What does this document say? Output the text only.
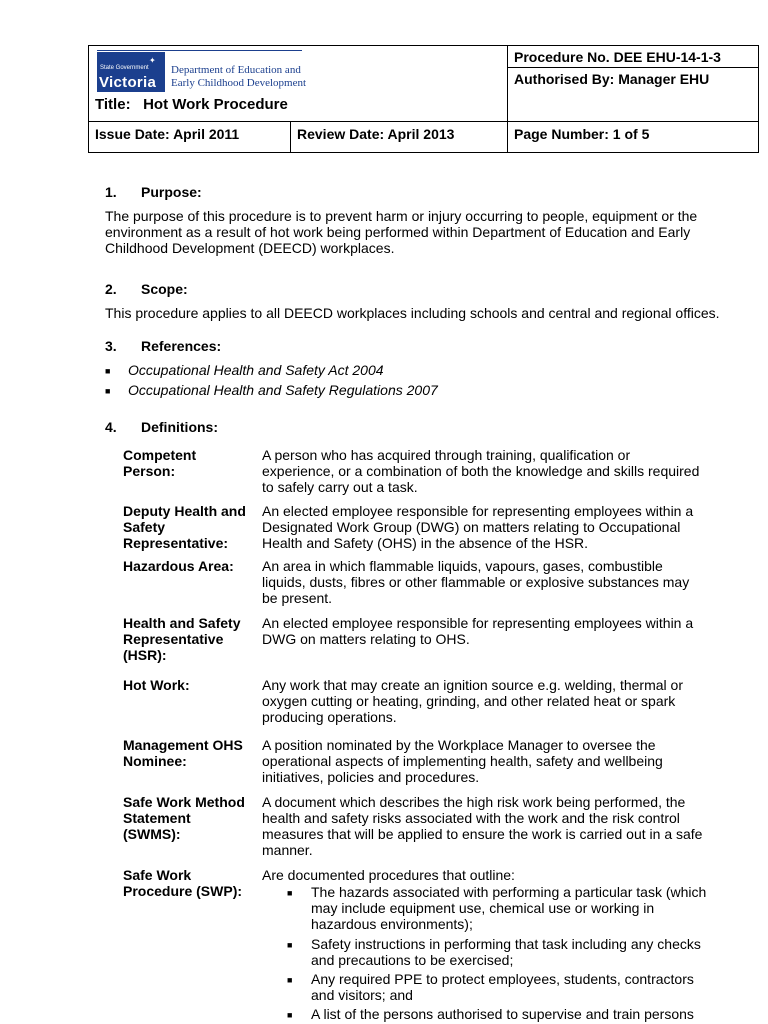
✦
State Government
Victoria
Department of Education and
Early Childhood Development
Title: Hot Work Procedure
Procedure No. DEE EHU-14-1-3
Authorised By: Manager EHU
Issue Date: April 2011	Review Date: April 2013	Page Number: 1 of 5
1. Purpose:
The purpose of this procedure is to prevent harm or injury occurring to people, equipment or the
environment as a result of hot work being performed within Department of Education and Early
Childhood Development (DEECD) workplaces.
2. Scope:
This procedure applies to all DEECD workplaces including schools and central and regional offices.
3. References:
■ Occupational Health and Safety Act 2004
■ Occupational Health and Safety Regulations 2007
4. Definitions:
Competent
Person:
A person who has acquired through training, qualification or
experience, or a combination of both the knowledge and skills required
to safely carry out a task.
Deputy Health and
Safety
Representative:
An elected employee responsible for representing employees within a
Designated Work Group (DWG) on matters relating to Occupational
Health and Safety (OHS) in the absence of the HSR.
Hazardous Area:	An area in which flammable liquids, vapours, gases, combustible
liquids, dusts, fibres or other flammable or explosive substances may
be present.
Health and Safety
Representative
(HSR):
An elected employee responsible for representing employees within a
DWG on matters relating to OHS.
Hot Work:	Any work that may create an ignition source e.g. welding, thermal or
oxygen cutting or heating, grinding, and other related heat or spark
producing operations.
Management OHS
Nominee:
A position nominated by the Workplace Manager to oversee the
operational aspects of implementing health, safety and wellbeing
initiatives, policies and procedures.
Safe Work Method
Statement
(SWMS):
A document which describes the high risk work being performed, the
health and safety risks associated with the work and the risk control
measures that will be applied to ensure the work is carried out in a safe
manner.
Safe Work
Procedure (SWP):
Are documented procedures that outline:
■ The hazards associated with performing a particular task (which
may include equipment use, chemical use or working in
hazardous environments);
■ Safety instructions in performing that task including any checks
and precautions to be exercised;
■ Any required PPE to protect employees, students, contractors
and visitors; and
■ A list of the persons authorised to supervise and train persons
